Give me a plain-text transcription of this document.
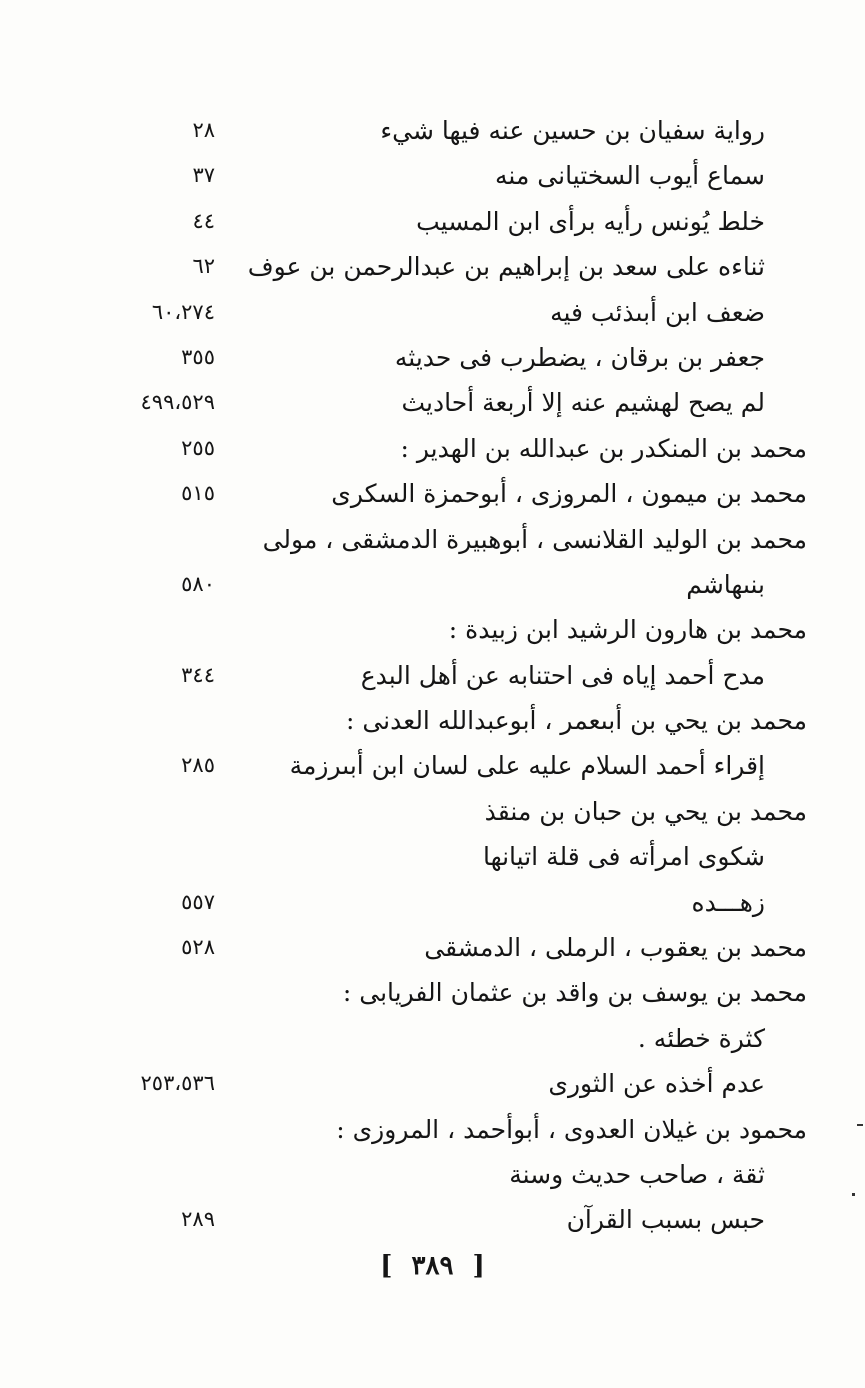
رواية سفيان بن حسين عنه فيها شيء
٢٨
سماع أيوب السختيانى منه
٣٧
خلط يُونس رأيه برأى ابن المسيب
٤٤
ثناءه على سعد بن إبراهيم بن عبدالرحمن بن عوف
٦٢
ضعف ابن أبىذئب فيه
٦٠،٢٧٤
جعفر بن برقان ، يضطرب فى حديثه
٣٥٥
لم يصح لهشيم عنه إلا أربعة أحاديث
٤٩٩،٥٢٩
محمد بن المنكدر بن عبدالله بن الهدير :
٢٥٥
محمد بن ميمون ، المروزى ، أبوحمزة السكرى
٥١٥
محمد بن الوليد القلانسى ، أبوهبيرة الدمشقى ، مولى
بنىهاشم
٥٨٠
محمد بن هارون الرشيد ابن زبيدة :
مدح أحمد إياه فى احتنابه عن أهل البدع
٣٤٤
محمد بن يحي بن أبىعمر ، أبوعبدالله العدنى :
إقراء أحمد السلام عليه على لسان ابن أبىرزمة
٢٨٥
محمد بن يحي بن حبان بن منقذ
شكوى امرأته فى قلة اتيانها
زهـــده
٥٥٧
محمد بن يعقوب ، الرملى ، الدمشقى
٥٢٨
محمد بن يوسف بن واقد بن عثمان الفريابى :
كثرة خطئه .
عدم أخذه عن الثورى
٢٥٣،٥٣٦
محمود بن غيلان العدوى ، أبوأحمد ، المروزى :
ثقة ، صاحب حديث وسنة
حبس بسبب القرآن
٢٨٩
[ ٣٨٩ ]
